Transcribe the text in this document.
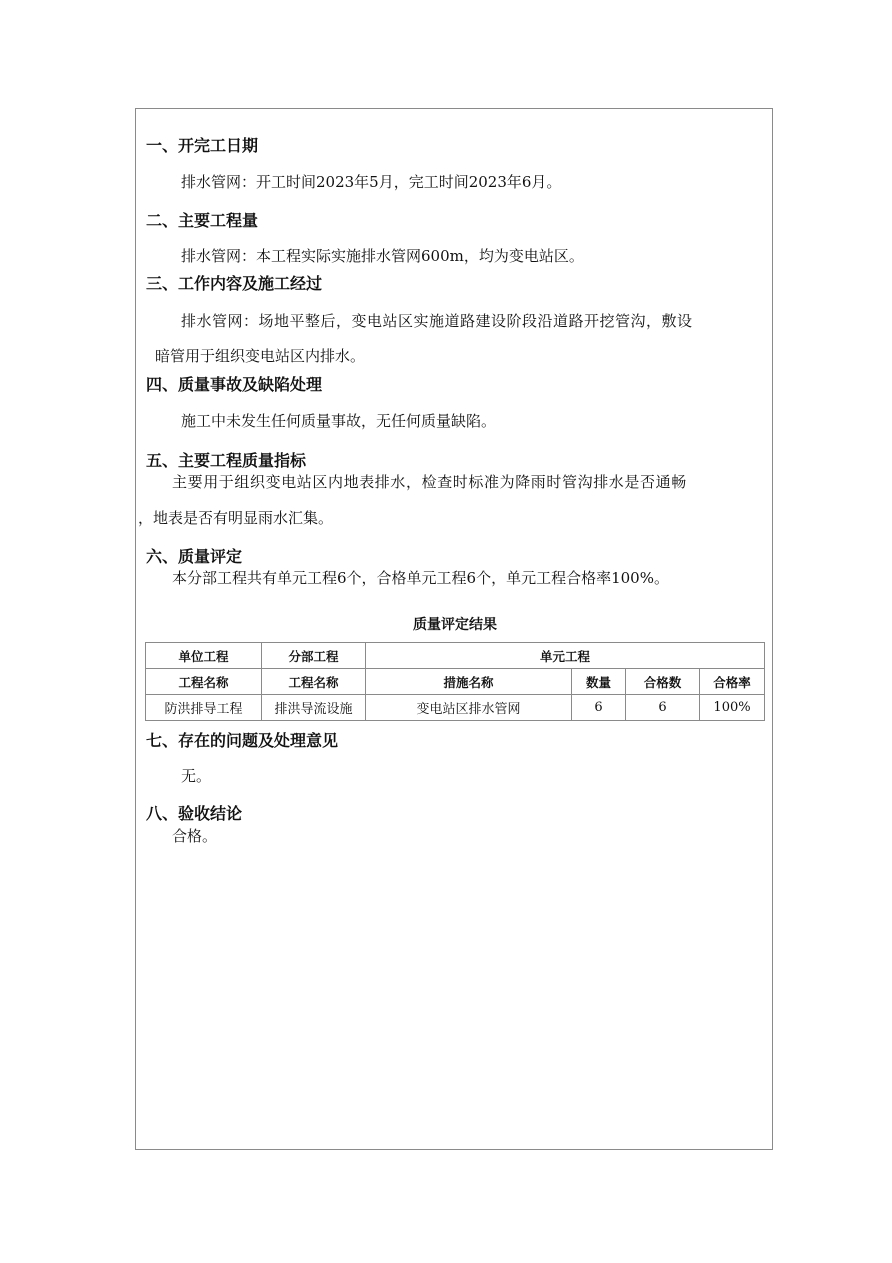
一、开完工日期
排水管网：开工时间2023年5月，完工时间2023年6月。
二、主要工程量
排水管网：本工程实际实施排水管网600m，均为变电站区。
三、工作内容及施工经过
排水管网：场地平整后，变电站区实施道路建设阶段沿道路开挖管沟，敷设
暗管用于组织变电站区内排水。
四、质量事故及缺陷处理
施工中未发生任何质量事故，无任何质量缺陷。
五、主要工程质量指标
主要用于组织变电站区内地表排水，检查时标准为降雨时管沟排水是否通畅
，地表是否有明显雨水汇集。
六、质量评定
本分部工程共有单元工程6个，合格单元工程6个，单元工程合格率100%。
质量评定结果
单位工程	分部工程	单元工程			
工程名称	工程名称	措施名称	数量	合格数	合格率
防洪排导工程	排洪导流设施	变电站区排水管网	6	6	100%
七、存在的问题及处理意见
无。
八、验收结论
合格。
